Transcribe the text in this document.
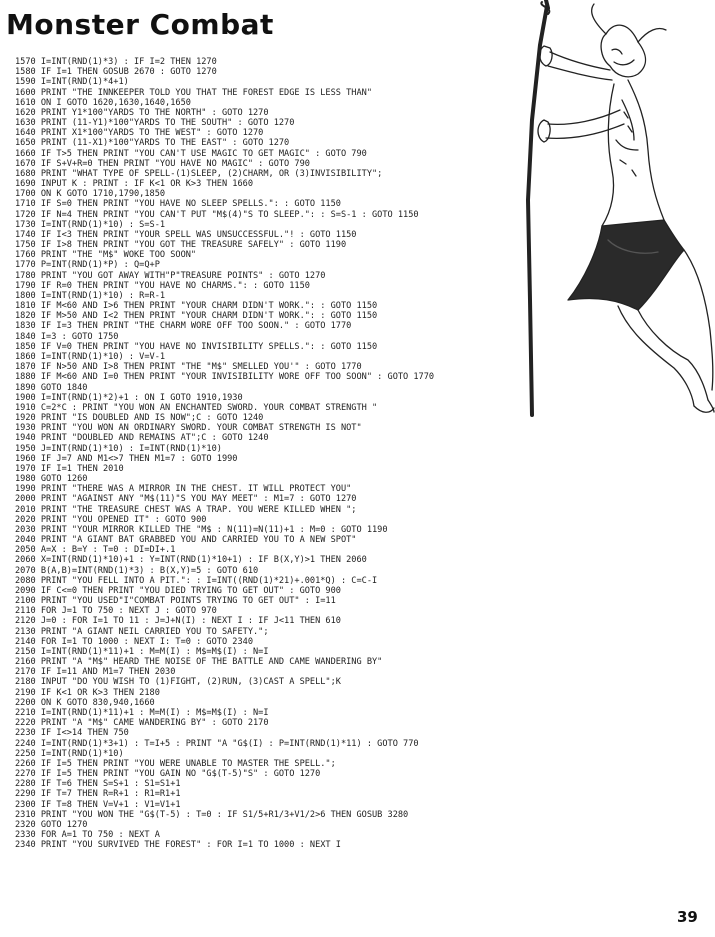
Monster Combat
1570 I=INT(RND(1)*3) : IF I=2 THEN 1270
1580 IF I=1 THEN GOSUB 2670 : GOTO 1270
1590 I=INT(RND(1)*4+1)
1600 PRINT "THE INNKEEPER TOLD YOU THAT THE FOREST EDGE IS LESS THAN"
1610 ON I GOTO 1620,1630,1640,1650
1620 PRINT Y1*100"YARDS TO THE NORTH" : GOTO 1270
1630 PRINT (11-Y1)*100"YARDS TO THE SOUTH" : GOTO 1270
1640 PRINT X1*100"YARDS TO THE WEST" : GOTO 1270
1650 PRINT (11-X1)*100"YARDS TO THE EAST" : GOTO 1270
1660 IF T>5 THEN PRINT "YOU CAN'T USE MAGIC TO GET MAGIC" : GOTO 790
1670 IF S+V+R=0 THEN PRINT "YOU HAVE NO MAGIC" : GOTO 790
1680 PRINT "WHAT TYPE OF SPELL-(1)SLEEP, (2)CHARM, OR (3)INVISIBILITY";
1690 INPUT K : PRINT : IF K<1 OR K>3 THEN 1660
1700 ON K GOTO 1710,1790,1850
1710 IF S=0 THEN PRINT "YOU HAVE NO SLEEP SPELLS.": : GOTO 1150
1720 IF N=4 THEN PRINT "YOU CAN'T PUT "M$(4)"S TO SLEEP.": : S=S-1 : GOTO 1150
1730 I=INT(RND(1)*10) : S=S-1
1740 IF I<3 THEN PRINT "YOUR SPELL WAS UNSUCCESSFUL."! : GOTO 1150
1750 IF I>8 THEN PRINT "YOU GOT THE TREASURE SAFELY" : GOTO 1190
1760 PRINT "THE "M$" WOKE TOO SOON"
1770 P=INT(RND(1)*P) : Q=Q+P
1780 PRINT "YOU GOT AWAY WITH"P"TREASURE POINTS" : GOTO 1270
1790 IF R=0 THEN PRINT "YOU HAVE NO CHARMS.": : GOTO 1150
1800 I=INT(RND(1)*10) : R=R-1
1810 IF M<60 AND I>6 THEN PRINT "YOUR CHARM DIDN'T WORK.": : GOTO 1150
1820 IF M>50 AND I<2 THEN PRINT "YOUR CHARM DIDN'T WORK.": : GOTO 1150
1830 IF I=3 THEN PRINT "THE CHARM WORE OFF TOO SOON." : GOTO 1770
1840 I=3 : GOTO 1750
1850 IF V=0 THEN PRINT "YOU HAVE NO INVISIBILITY SPELLS.": : GOTO 1150
1860 I=INT(RND(1)*10) : V=V-1
1870 IF N>50 AND I>8 THEN PRINT "THE "M$" SMELLED YOU'" : GOTO 1770
1880 IF M<60 AND I=0 THEN PRINT "YOUR INVISIBILITY WORE OFF TOO SOON" : GOTO 1770
1890 GOTO 1840
1900 I=INT(RND(1)*2)+1 : ON I GOTO 1910,1930
1910 C=2*C : PRINT "YOU WON AN ENCHANTED SWORD. YOUR COMBAT STRENGTH "
1920 PRINT "IS DOUBLED AND IS NOW";C : GOTO 1240
1930 PRINT "YOU WON AN ORDINARY SWORD. YOUR COMBAT STRENGTH IS NOT"
1940 PRINT "DOUBLED AND REMAINS AT";C : GOTO 1240
1950 J=INT(RND(1)*10) : I=INT(RND(1)*10)
1960 IF J=7 AND M1<>7 THEN M1=7 : GOTO 1990
1970 IF I=1 THEN 2010
1980 GOTO 1260
1990 PRINT "THERE WAS A MIRROR IN THE CHEST. IT WILL PROTECT YOU"
2000 PRINT "AGAINST ANY "M$(11)"S YOU MAY MEET" : M1=7 : GOTO 1270
2010 PRINT "THE TREASURE CHEST WAS A TRAP. YOU WERE KILLED WHEN ";
2020 PRINT "YOU OPENED IT" : GOTO 900
2030 PRINT "YOUR MIRROR KILLED THE "M$ : N(11)=N(11)+1 : M=0 : GOTO 1190
2040 PRINT "A GIANT BAT GRABBED YOU AND CARRIED YOU TO A NEW SPOT"
2050 A=X : B=Y : T=0 : DI=DI+.1
2060 X=INT(RND(1)*10)+1 : Y=INT(RND(1)*10+1) : IF B(X,Y)>1 THEN 2060
2070 B(A,B)=INT(RND(1)*3) : B(X,Y)=5 : GOTO 610
2080 PRINT "YOU FELL INTO A PIT.": : I=INT((RND(1)*21)+.001*Q) : C=C-I
2090 IF C<=0 THEN PRINT "YOU DIED TRYING TO GET OUT" : GOTO 900
2100 PRINT "YOU USED"I"COMBAT POINTS TRYING TO GET OUT" : I=11
2110 FOR J=1 TO 750 : NEXT J : GOTO 970
2120 J=0 : FOR I=1 TO 11 : J=J+N(I) : NEXT I : IF J<11 THEN 610
2130 PRINT "A GIANT NEIL CARRIED YOU TO SAFETY.";
2140 FOR I=1 TO 1000 : NEXT I: T=0 : GOTO 2340
2150 I=INT(RND(1)*11)+1 : M=M(I) : M$=M$(I) : N=I
2160 PRINT "A "M$" HEARD THE NOISE OF THE BATTLE AND CAME WANDERING BY"
2170 IF I=11 AND M1=7 THEN 2030
2180 INPUT "DO YOU WISH TO (1)FIGHT, (2)RUN, (3)CAST A SPELL";K
2190 IF K<1 OR K>3 THEN 2180
2200 ON K GOTO 830,940,1660
2210 I=INT(RND(1)*11)+1 : M=M(I) : M$=M$(I) : N=I
2220 PRINT "A "M$" CAME WANDERING BY" : GOTO 2170
2230 IF I<>14 THEN 750
2240 I=INT(RND(1)*3+1) : T=I+5 : PRINT "A "G$(I) : P=INT(RND(1)*11) : GOTO 770
2250 I=INT(RND(1)*10)
2260 IF I=5 THEN PRINT "YOU WERE UNABLE TO MASTER THE SPELL.";
2270 IF I=5 THEN PRINT "YOU GAIN NO "G$(T-5)"S" : GOTO 1270
2280 IF T=6 THEN S=S+1 : S1=S1+1
2290 IF T=7 THEN R=R+1 : R1=R1+1
2300 IF T=8 THEN V=V+1 : V1=V1+1
2310 PRINT "YOU WON THE "G$(T-5) : T=0 : IF S1/5+R1/3+V1/2>6 THEN GOSUB 3280
2320 GOTO 1270
2330 FOR A=1 TO 750 : NEXT A
2340 PRINT "YOU SURVIVED THE FOREST" : FOR I=1 TO 1000 : NEXT I
39
